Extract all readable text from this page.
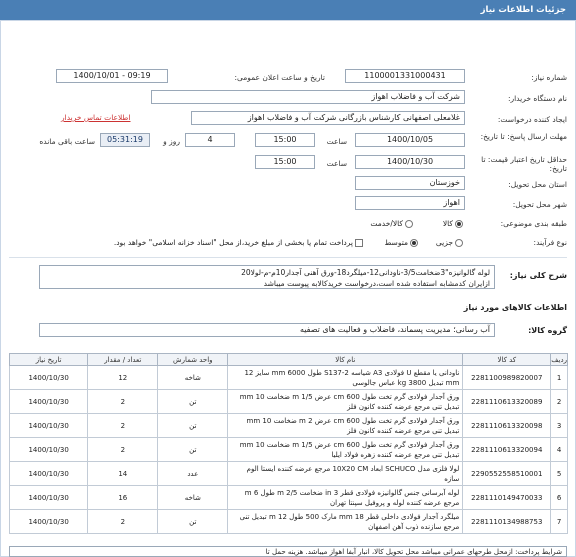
جزئیات اطلاعات نیاز
شماره نیاز:
1100001331000431
تاریخ و ساعت اعلان عمومی:
1400/10/01 - 09:19
نام دستگاه خریدار:
شرکت آب و فاضلاب اهواز
ایجاد کننده درخواست:
غلامعلی اصفهانی کارشناس بازرگانی شرکت آب و فاضلاب اهواز
اطلاعات تماس خریدار
مهلت ارسال پاسخ: تا تاریخ:
1400/10/05
ساعت
15:00
4
روز و
05:31:19
ساعت باقی مانده
حداقل تاریخ اعتبار قیمت: تا تاریخ:
1400/10/30
ساعت
15:00
استان محل تحویل:
خوزستان
شهر محل تحویل:
اهواز
طبقه بندی موضوعی:
کالا
کالا/خدمت
نوع فرآیند:
جزیی
متوسط
پرداخت تمام یا بخشی از مبلغ خرید،از محل "اسناد خزانه اسلامی" خواهد بود.
شرح کلی نیاز:
لوله گالوانیزه"3ضخامت3/5-ناودانی12-میلگرد18-ورق آهنی آجدار10م-م-لولا20
ازایران کدمشابه استفاده شده است،درخواست خریدکالابه پیوست میباشد
اطلاعات کالاهای مورد نیاز
گروه کالا:
آب رسانی؛ مدیریت پسماند، فاضلاب و فعالیت های تصفیه
ردیف	کد کالا	نام کالا	واحد شمارش	تعداد / مقدار	تاریخ نیاز
1	2281100989820007	ناودانی یا مقطع U فولادی A3 شیاسه 2-S137 طول 6000 mm سایز 12 mm تبدیل 3800 kg عباس جالوسی	شاخه	12	1400/10/30
2	2281110613320089	ورق آجدار فولادی گرم تخت طول 600 cm عرض 1/5 m ضخامت 10 mm تبدیل تنی مرجع عرضه کننده کانون فلز	تن	2	1400/10/30
3	2281110613320098	ورق آجدار فولادی گرم تخت طول 600 cm عرض 2 m ضخامت 10 mm تبدیل تنی مرجع عرضه کننده کانون فلز	تن	2	1400/10/30
4	2281110613320094	ورق آجدار فولادی گرم تخت طول 600 cm عرض 1/5 m ضخامت 10 mm تبدیل تنی مرجع عرضه کننده زهره فولاد ایلیا	تن	2	1400/10/30
5	2290552558510001	لولا فلزی مدل SCHUCO ابعاد 10X20 CM مرجع عرضه کننده ایستا الوم سازه	عدد	14	1400/10/30
6	2281110149470033	لوله آبرسانی جنس گالوانیزه فولادی قطر 3 in ضخامت 2/5 m طول 6 m مرجع عرضه کننده لوله و پروفیل سپنتا تهران	شاخه	16	1400/10/30
7	2281110134988753	میلگرد آجدار فولادی داخلی قطر 18 mm مارک 500 طول 12 m تبدیل تنی مرجع سازنده ذوب آهن اصفهان	تن	2	1400/10/30
شرایط پرداخت: ازمحل طرحهای عمرانی میباشد محل تحویل کالا، انبار آبفا اهواز میباشد. هزینه حمل تا
